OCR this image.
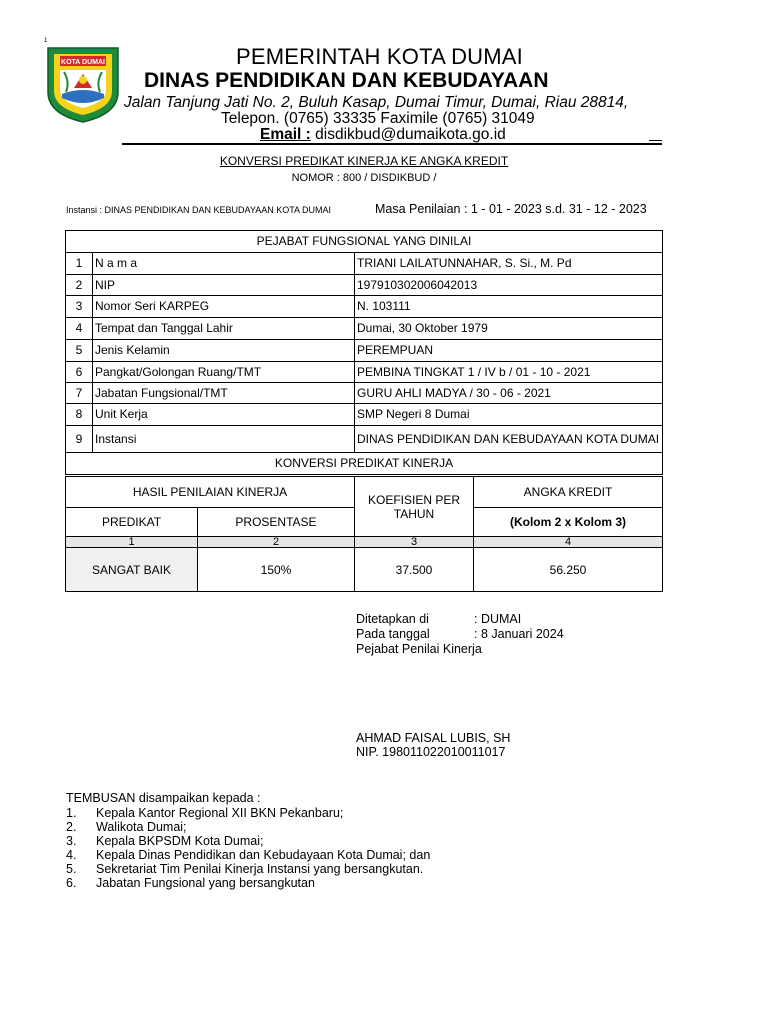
1
KOTA DUMAI	PEMERINTAH KOTA DUMAI
DINAS PENDIDIKAN DAN KEBUDAYAAN
Jalan Tanjung Jati No. 2, Buluh Kasap, Dumai Timur, Dumai, Riau 28814,
Telepon. (0765) 33335 Faximile (0765) 31049
Email : disdikbud@dumaikota.go.id
KONVERSI PREDIKAT KINERJA KE ANGKA KREDIT
NOMOR : 800 / DISDIKBUD /
Instansi : DINAS PENDIDIKAN DAN KEBUDAYAAN KOTA DUMAI	Masa Penilaian : 1 - 01 - 2023 s.d. 31 - 12 - 2023
PEJABAT FUNGSIONAL YANG DINILAI		
1	N a m a	TRIANI LAILATUNNAHAR, S. Si., M. Pd
2	NIP	197910302006042013
3	Nomor Seri KARPEG	N. 103111
4	Tempat dan Tanggal Lahir	Dumai, 30 Oktober 1979
5	Jenis Kelamin	PEREMPUAN
6	Pangkat/Golongan Ruang/TMT	PEMBINA TINGKAT 1 / IV b / 01 - 10 - 2021
7	Jabatan Fungsional/TMT	GURU AHLI MADYA / 30 - 06 - 2021
8	Unit Kerja	SMP Negeri 8 Dumai
9	Instansi	DINAS PENDIDIKAN DAN KEBUDAYAAN KOTA DUMAI
KONVERSI PREDIKAT KINERJA		
HASIL PENILAIAN KINERJA		KOEFISIEN PER TAHUN	ANGKA KREDIT
PREDIKAT	PROSENTASE		(Kolom 2 x Kolom 3)
1	2	3	4
SANGAT BAIK	150%	37.500	56.250
Ditetapkan di	: DUMAI
Pada tanggal	: 8 Januari 2024
Pejabat Penilai Kinerja
AHMAD FAISAL LUBIS, SH
NIP. 198011022010011017
TEMBUSAN disampaikan kepada :
1. Kepala Kantor Regional XII BKN Pekanbaru;
2. Walikota Dumai;
3. Kepala BKPSDM Kota Dumai;
4. Kepala Dinas Pendidikan dan Kebudayaan Kota Dumai; dan
5. Sekretariat Tim Penilai Kinerja Instansi yang bersangkutan.
6. Jabatan Fungsional yang bersangkutan
